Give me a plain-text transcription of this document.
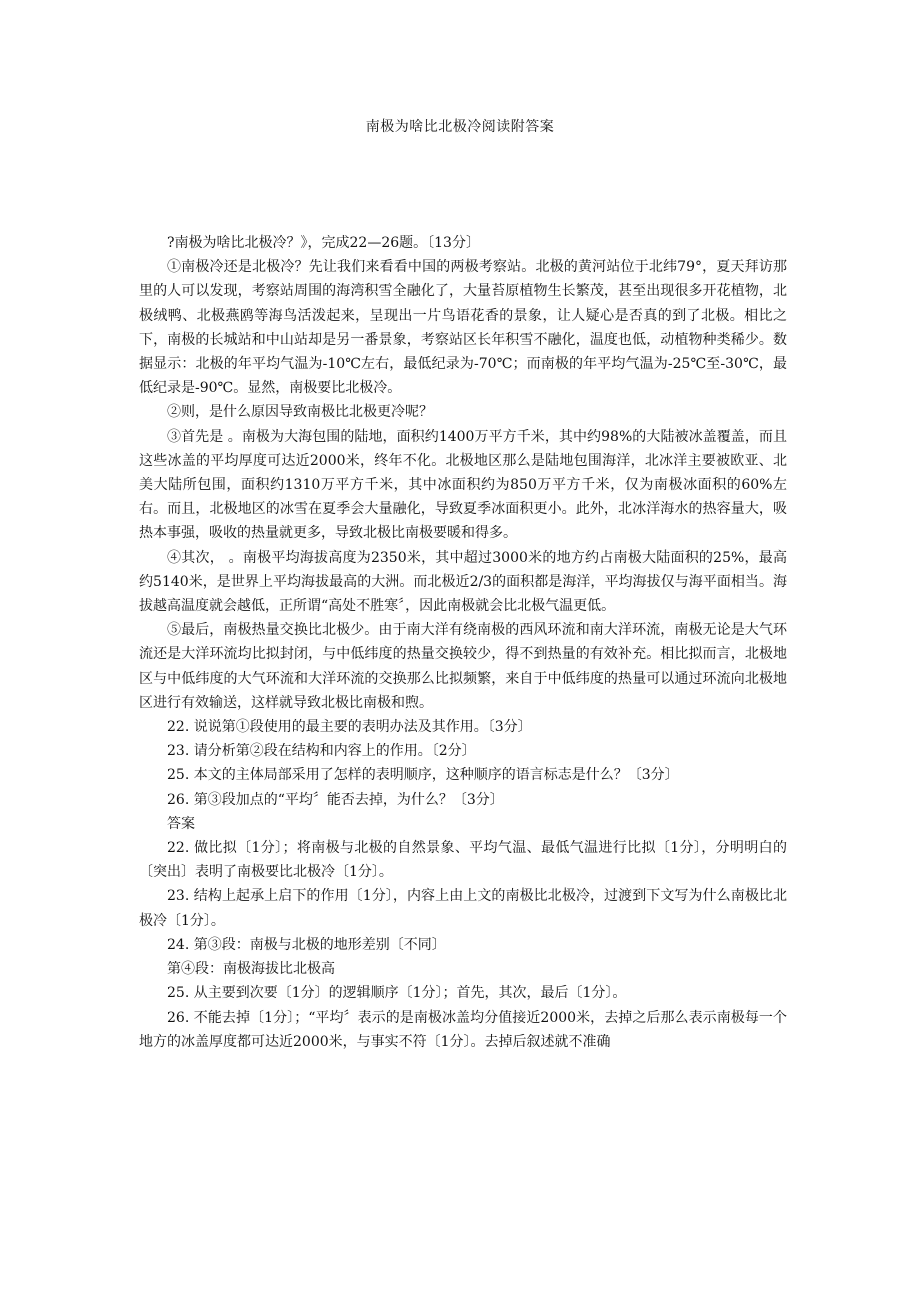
南极为啥比北极冷阅读附答案

?南极为啥比北极冷？》，完成22—26题。〔13分〕

①南极冷还是北极冷？先让我们来看看中国的两极考察站。北极的黄河站位于北纬79°，夏天拜访那里的人可以发现，考察站周围的海湾积雪全融化了，大量苔原植物生长繁茂，甚至出现很多开花植物，北极绒鸭、北极燕鸥等海鸟活泼起来，呈现出一片鸟语花香的景象，让人疑心是否真的到了北极。相比之下，南极的长城站和中山站却是另一番景象，考察站区长年积雪不融化，温度也低，动植物种类稀少。数据显示：北极的年平均气温为-10℃左右，最低纪录为-70℃；而南极的年平均气温为-25℃至-30℃，最低纪录是-90℃。显然，南极要比北极冷。

②则，是什么原因导致南极比北极更冷呢？

③首先是 。南极为大海包围的陆地，面积约1400万平方千米，其中约98%的大陆被冰盖覆盖，而且这些冰盖的平均厚度可达近2000米，终年不化。北极地区那么是陆地包围海洋，北冰洋主要被欧亚、北美大陆所包围，面积约1310万平方千米，其中冰面积约为850万平方千米，仅为南极冰面积的60%左右。而且，北极地区的冰雪在夏季会大量融化，导致夏季冰面积更小。此外，北冰洋海水的热容量大，吸热本事强，吸收的热量就更多，导致北极比南极要暖和得多。

④其次， 。南极平均海拔高度为2350米，其中超过3000米的地方约占南极大陆面积的25%，最高约5140米，是世界上平均海拔最高的大洲。而北极近2/3的面积都是海洋，平均海拔仅与海平面相当。海拔越高温度就会越低，正所谓“高处不胜寒〞，因此南极就会比北极气温更低。

⑤最后，南极热量交换比北极少。由于南大洋有绕南极的西风环流和南大洋环流，南极无论是大气环流还是大洋环流均比拟封闭，与中低纬度的热量交换较少，得不到热量的有效补充。相比拟而言，北极地区与中低纬度的大气环流和大洋环流的交换那么比拟频繁，来自于中低纬度的热量可以通过环流向北极地区进行有效输送，这样就导致北极比南极和煦。

22. 说说第①段使用的最主要的表明办法及其作用。〔3分〕

23. 请分析第②段在结构和内容上的作用。〔2分〕

25. 本文的主体局部采用了怎样的表明顺序，这种顺序的语言标志是什么？〔3分〕

26. 第③段加点的“平均〞能否去掉，为什么？〔3分〕

答案

22. 做比拟〔1分〕；将南极与北极的自然景象、平均气温、最低气温进行比拟〔1分〕，分明明白的〔突出〕表明了南极要比北极冷〔1分〕。

23. 结构上起承上启下的作用〔1分〕，内容上由上文的南极比北极冷，过渡到下文写为什么南极比北极冷〔1分〕。

24. 第③段：南极与北极的地形差别〔不同〕

第④段：南极海拔比北极高

25. 从主要到次要〔1分〕的逻辑顺序〔1分〕；首先，其次，最后〔1分〕。

26. 不能去掉〔1分〕；“平均〞表示的是南极冰盖均分值接近2000米，去掉之后那么表示南极每一个地方的冰盖厚度都可达近2000米，与事实不符〔1分〕。去掉后叙述就不准确
